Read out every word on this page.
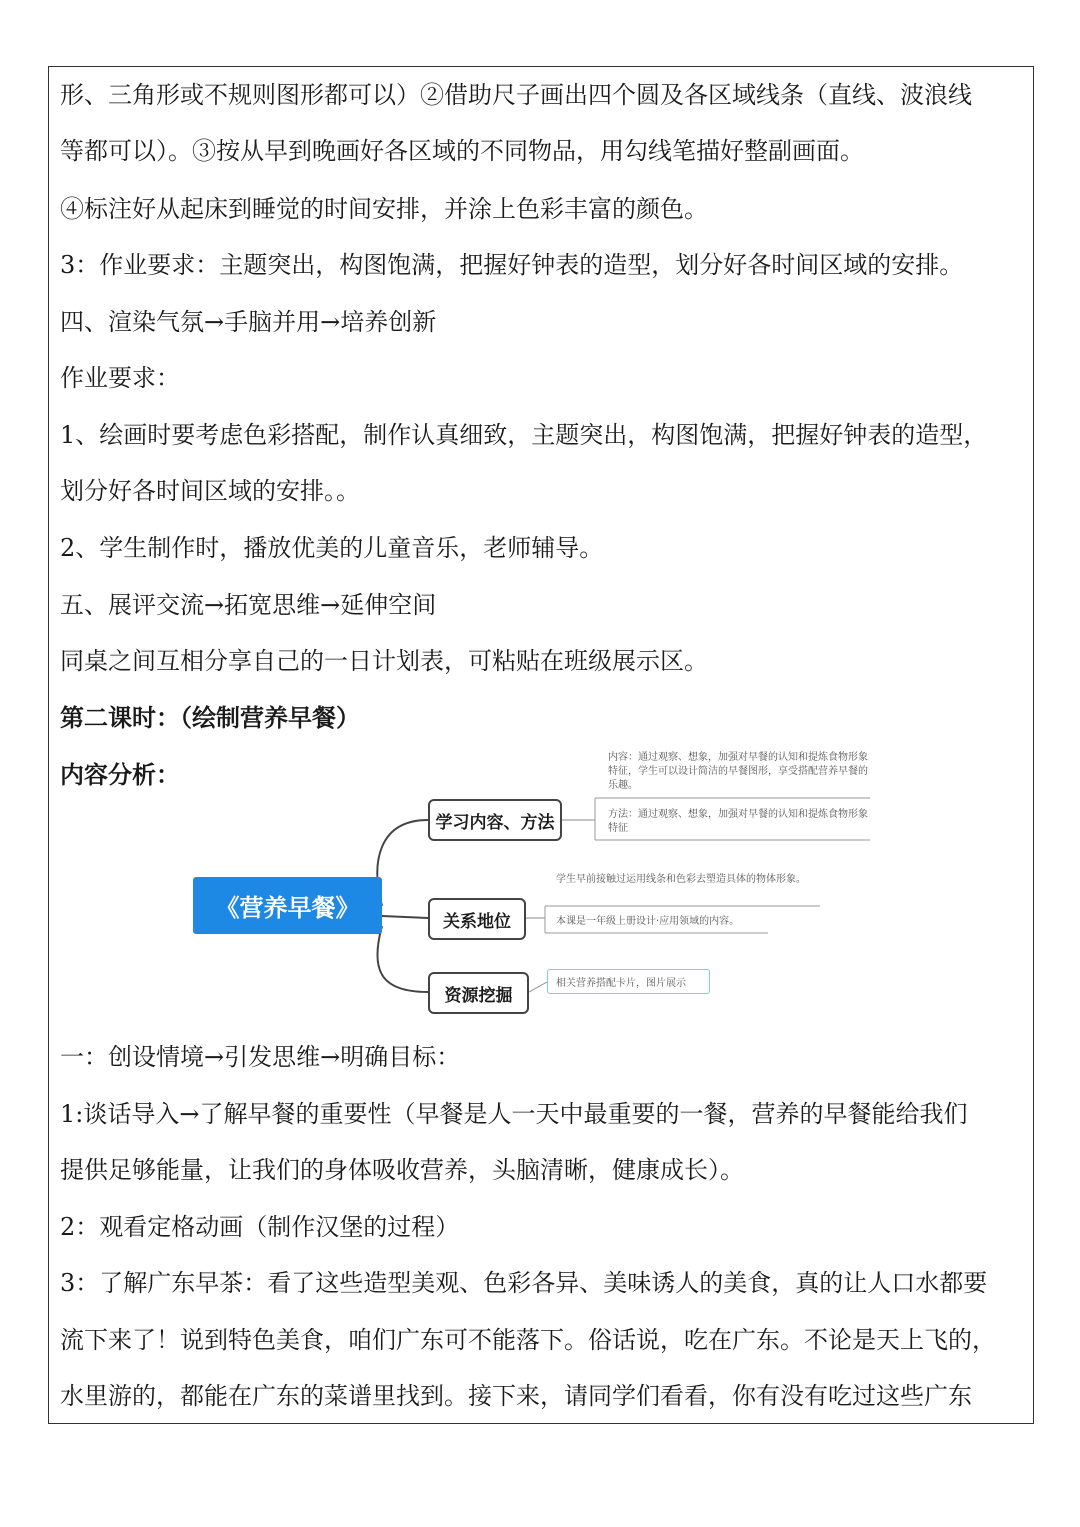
形、三角形或不规则图形都可以）②借助尺子画出四个圆及各区域线条（直线、波浪线
等都可以）。③按从早到晚画好各区域的不同物品，用勾线笔描好整副画面。
④标注好从起床到睡觉的时间安排，并涂上色彩丰富的颜色。
3：作业要求：主题突出，构图饱满，把握好钟表的造型，划分好各时间区域的安排。
四、渲染气氛→手脑并用→培养创新
作业要求：
1、绘画时要考虑色彩搭配，制作认真细致，主题突出，构图饱满，把握好钟表的造型，
划分好各时间区域的安排。。
2、学生制作时，播放优美的儿童音乐，老师辅导。
五、展评交流→拓宽思维→延伸空间
同桌之间互相分享自己的一日计划表，可粘贴在班级展示区。
第二课时：（绘制营养早餐）
内容分析：
《营养早餐》
学习内容、方法
关系地位
资源挖掘
内容：通过观察、想象，加强对早餐的认知和提炼食物形象特征，学生可以设计简洁的早餐图形，享受搭配营养早餐的乐趣。
方法：通过观察、想象，加强对早餐的认知和提炼食物形象特征
学生早前接触过运用线条和色彩去塑造具体的物体形象。
本课是一年级上册设计·应用领域的内容。
相关营养搭配卡片，图片展示
一：创设情境→引发思维→明确目标：
1:谈话导入→了解早餐的重要性（早餐是人一天中最重要的一餐，营养的早餐能给我们
提供足够能量，让我们的身体吸收营养，头脑清晰，健康成长）。
2：观看定格动画（制作汉堡的过程）
3：了解广东早茶：看了这些造型美观、色彩各异、美味诱人的美食，真的让人口水都要
流下来了！说到特色美食，咱们广东可不能落下。俗话说，吃在广东。不论是天上飞的，
水里游的，都能在广东的菜谱里找到。接下来，请同学们看看，你有没有吃过这些广东
